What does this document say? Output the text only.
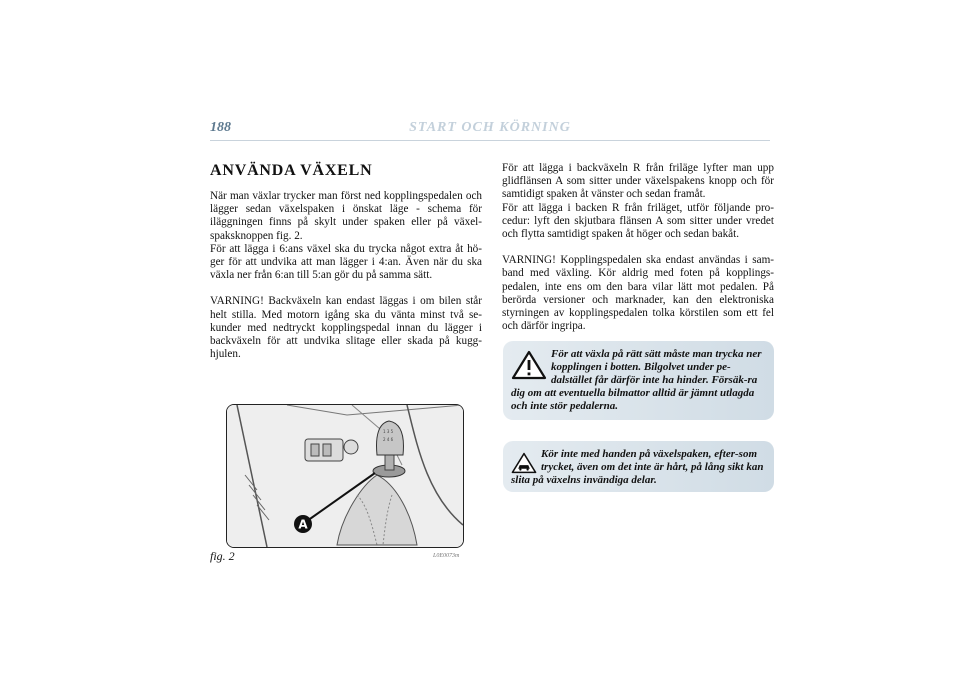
188	START OCH KÖRNING
ANVÄNDA VÄXELN

När man växlar trycker man först ned kopplingspedalen och lägger sedan växelspaken i önskat läge - schema för iläggningen finns på skylt under spaken eller på växel-spaksknoppen fig. 2.

För att lägga i 6:ans växel ska du trycka något extra åt hö-ger för att undvika att man lägger i 4:an. Även när du ska växla ner från 6:an till 5:an gör du på samma sätt.

VARNING! Backväxeln kan endast läggas i om bilen står helt stilla. Med motorn igång ska du vänta minst två se-kunder med nedtryckt kopplingspedal innan du lägger i backväxeln för att undvika slitage eller skada på kugg-hjulen.

1 3 5
2 4 6
A
fig. 2	L0E0073m

För att lägga i backväxeln R från friläge lyfter man upp glidflänsen A som sitter under växelspakens knopp och för samtidigt spaken åt vänster och sedan framåt.

För att lägga i backen R från friläget, utför följande pro-cedur: lyft den skjutbara flänsen A som sitter under vredet och flytta samtidigt spaken åt höger och sedan bakåt.

VARNING! Kopplingspedalen ska endast användas i sam-band med växling. Kör aldrig med foten på kopplings-pedalen, inte ens om den bara vilar lätt mot pedalen. På berörda versioner och marknader, kan den elektroniska styrningen av kopplingspedalen tolka körstilen som ett fel och därför ingripa.

För att växla på rätt sätt måste man trycka ner kopplingen i botten. Bilgolvet under pe-dalstället får därför inte ha hinder. Försäk-ra dig om att eventuella bilmattor alltid är jämnt utlagda och inte stör pedalerna.
Kör inte med handen på växelspaken, efter-som trycket, även om det inte är hårt, på lång sikt kan slita på växelns invändiga delar.
